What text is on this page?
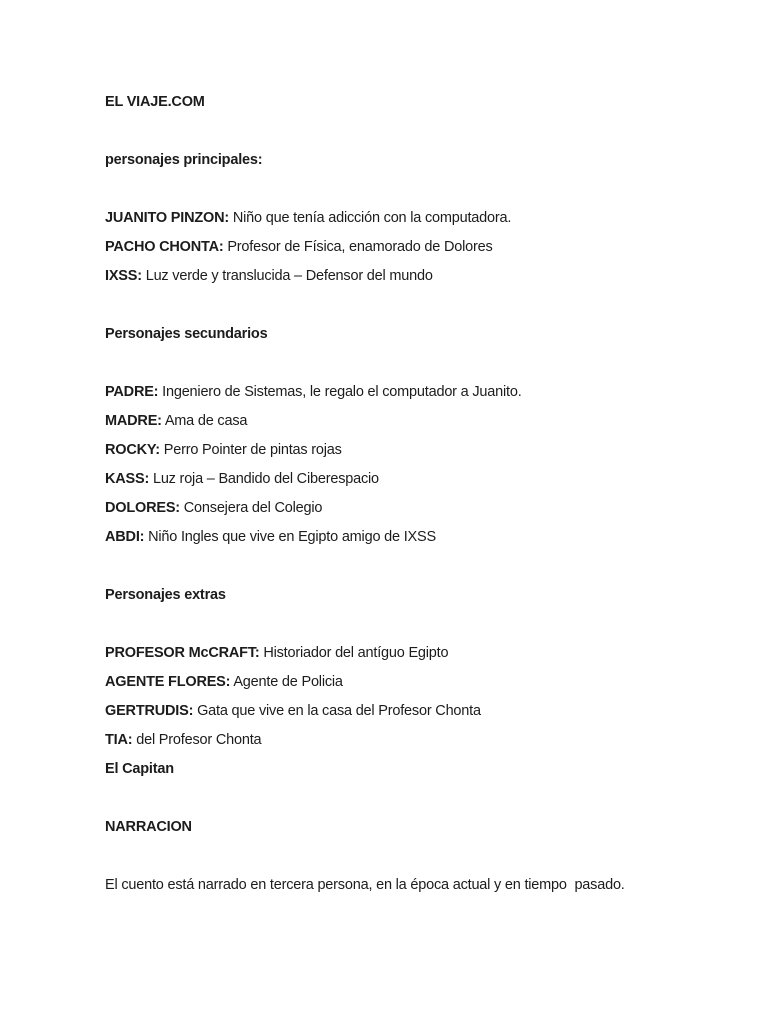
EL VIAJE.COM
personajes principales:
JUANITO PINZON: Niño que tenía adicción con la computadora.
PACHO CHONTA: Profesor de Física, enamorado de Dolores
IXSS: Luz verde y translucida – Defensor del mundo
Personajes secundarios
PADRE: Ingeniero de Sistemas, le regalo el computador a Juanito.
MADRE: Ama de casa
ROCKY: Perro Pointer de pintas rojas
KASS: Luz roja – Bandido del Ciberespacio
DOLORES: Consejera del Colegio
ABDI: Niño Ingles que vive en Egipto amigo de IXSS
Personajes extras
PROFESOR McCRAFT: Historiador del antíguo Egipto
AGENTE FLORES: Agente de Policia
GERTRUDIS: Gata que vive en la casa del Profesor Chonta
TIA: del Profesor Chonta
El Capitan
NARRACION
El cuento está narrado en tercera persona, en la época actual y en tiempo  pasado.
